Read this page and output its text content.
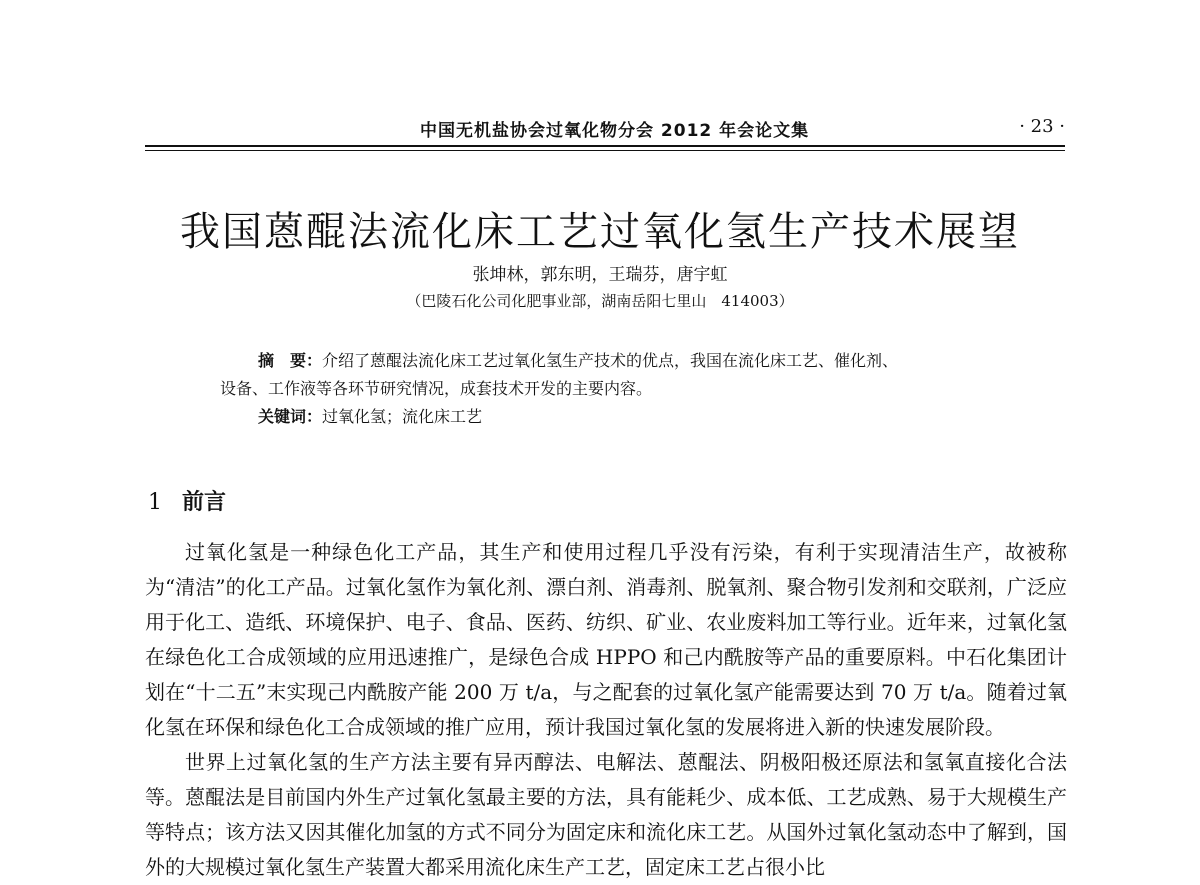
中国无机盐协会过氧化物分会 2012 年会论文集	· 23 ·
我国蒽醌法流化床工艺过氧化氢生产技术展望
张坤林，郭东明，王瑞芬，唐宇虹
（巴陵石化公司化肥事业部，湖南岳阳七里山　414003）

摘　要：介绍了蒽醌法流化床工艺过氧化氢生产技术的优点，我国在流化床工艺、催化剂、

设备、工作液等各环节研究情况，成套技术开发的主要内容。

关键词：过氧化氢；流化床工艺

1 前言

过氧化氢是一种绿色化工产品，其生产和使用过程几乎没有污染，有利于实现清洁生产，故被称为“清洁”的化工产品。过氧化氢作为氧化剂、漂白剂、消毒剂、脱氧剂、聚合物引发剂和交联剂，广泛应用于化工、造纸、环境保护、电子、食品、医药、纺织、矿业、农业废料加工等行业。近年来，过氧化氢在绿色化工合成领域的应用迅速推广，是绿色合成 HPPO 和己内酰胺等产品的重要原料。中石化集团计划在“十二五”末实现己内酰胺产能 200 万 t/a，与之配套的过氧化氢产能需要达到 70 万 t/a。随着过氧化氢在环保和绿色化工合成领域的推广应用，预计我国过氧化氢的发展将进入新的快速发展阶段。

世界上过氧化氢的生产方法主要有异丙醇法、电解法、蒽醌法、阴极阳极还原法和氢氧直接化合法等。蒽醌法是目前国内外生产过氧化氢最主要的方法，具有能耗少、成本低、工艺成熟、易于大规模生产等特点；该方法又因其催化加氢的方式不同分为固定床和流化床工艺。从国外过氧化氢动态中了解到，国外的大规模过氧化氢生产装置大都采用流化床生产工艺，固定床工艺占很小比
